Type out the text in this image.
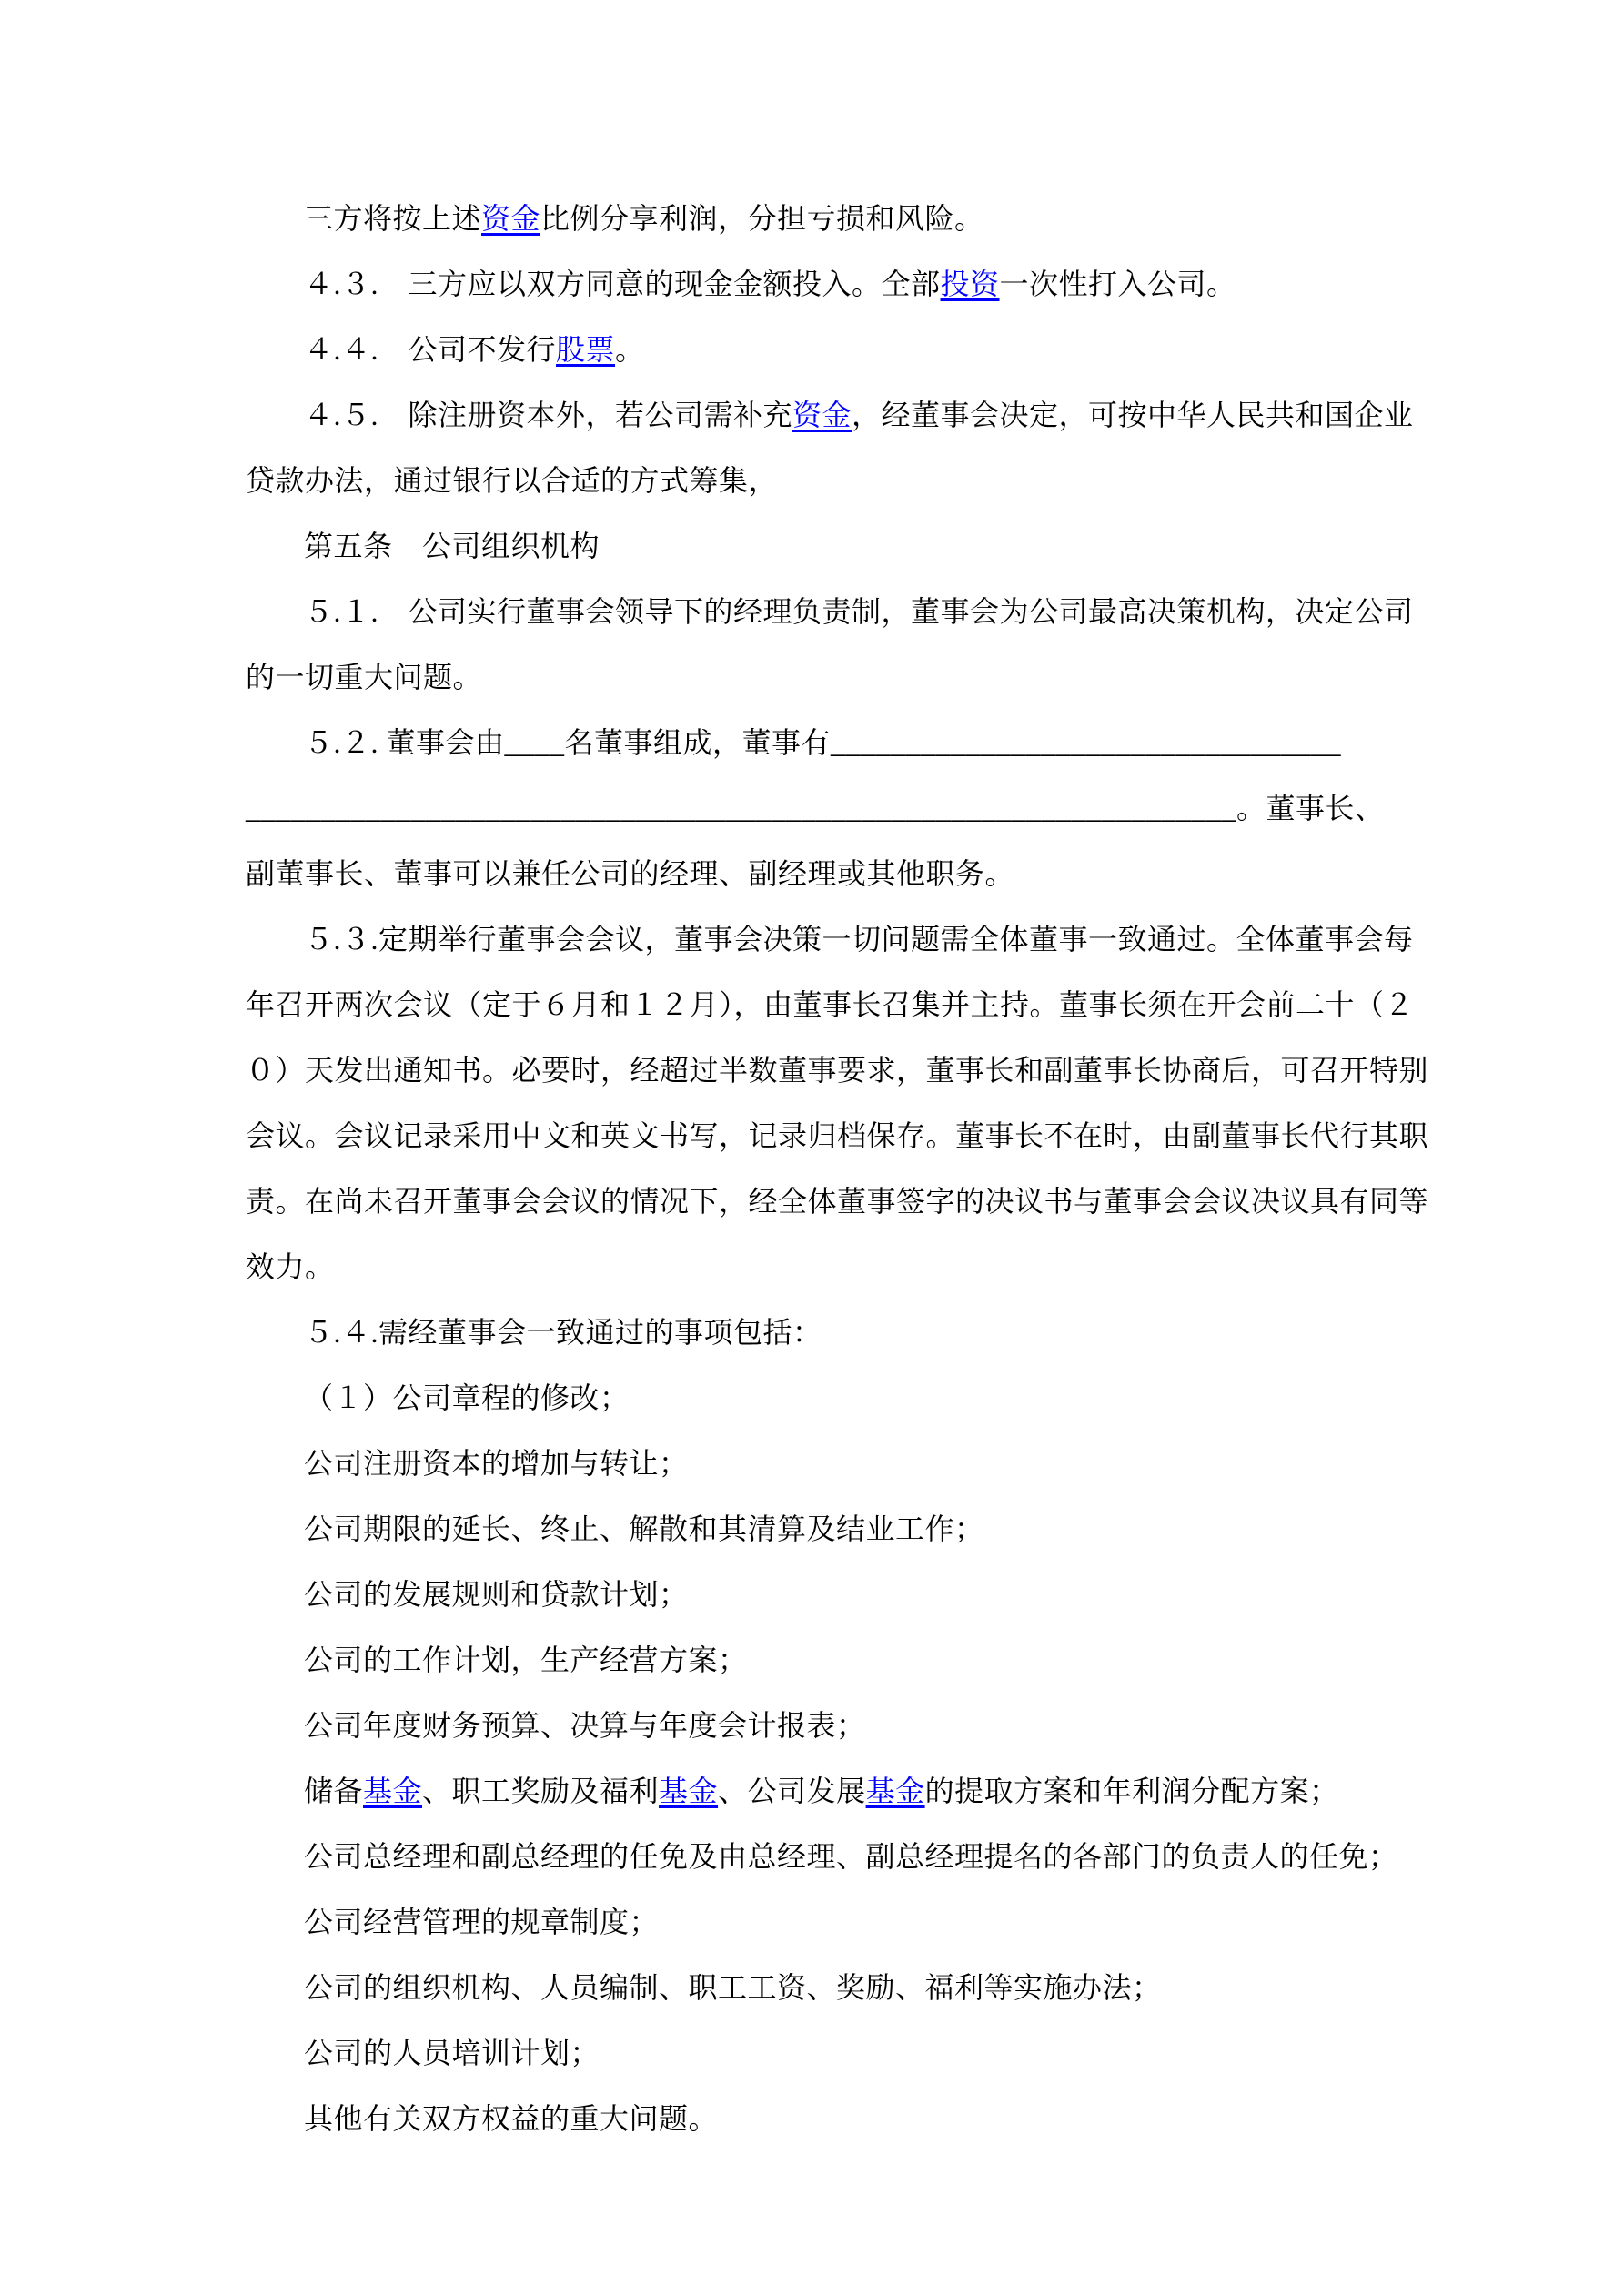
三方将按上述资金比例分享利润，分担亏损和风险。
４.３.　三方应以双方同意的现金金额投入。全部投资一次性打入公司。
４.４.　公司不发行股票。
４.５.　除注册资本外，若公司需补充资金，经董事会决定，可按中华人民共和国企业
贷款办法，通过银行以合适的方式筹集，
第五条　公司组织机构
５.１.　公司实行董事会领导下的经理负责制，董事会为公司最高决策机构，决定公司
的一切重大问题。
５.２. 董事会由____名董事组成，董事有__________________________________
__________________________________________________________________。董事长、
副董事长、董事可以兼任公司的经理、副经理或其他职务。
５.３.定期举行董事会会议，董事会决策一切问题需全体董事一致通过。全体董事会每
年召开两次会议（定于６月和１２月），由董事长召集并主持。董事长须在开会前二十（２
０）天发出通知书。必要时，经超过半数董事要求，董事长和副董事长协商后，可召开特别
会议。会议记录采用中文和英文书写，记录归档保存。董事长不在时，由副董事长代行其职
责。在尚未召开董事会会议的情况下，经全体董事签字的决议书与董事会会议决议具有同等
效力。
５.４.需经董事会一致通过的事项包括：
（１）公司章程的修改；
公司注册资本的增加与转让；
公司期限的延长、终止、解散和其清算及结业工作；
公司的发展规则和贷款计划；
公司的工作计划，生产经营方案；
公司年度财务预算、决算与年度会计报表；
储备基金、职工奖励及福利基金、公司发展基金的提取方案和年利润分配方案；
公司总经理和副总经理的任免及由总经理、副总经理提名的各部门的负责人的任免；
公司经营管理的规章制度；
公司的组织机构、人员编制、职工工资、奖励、福利等实施办法；
公司的人员培训计划；
其他有关双方权益的重大问题。
